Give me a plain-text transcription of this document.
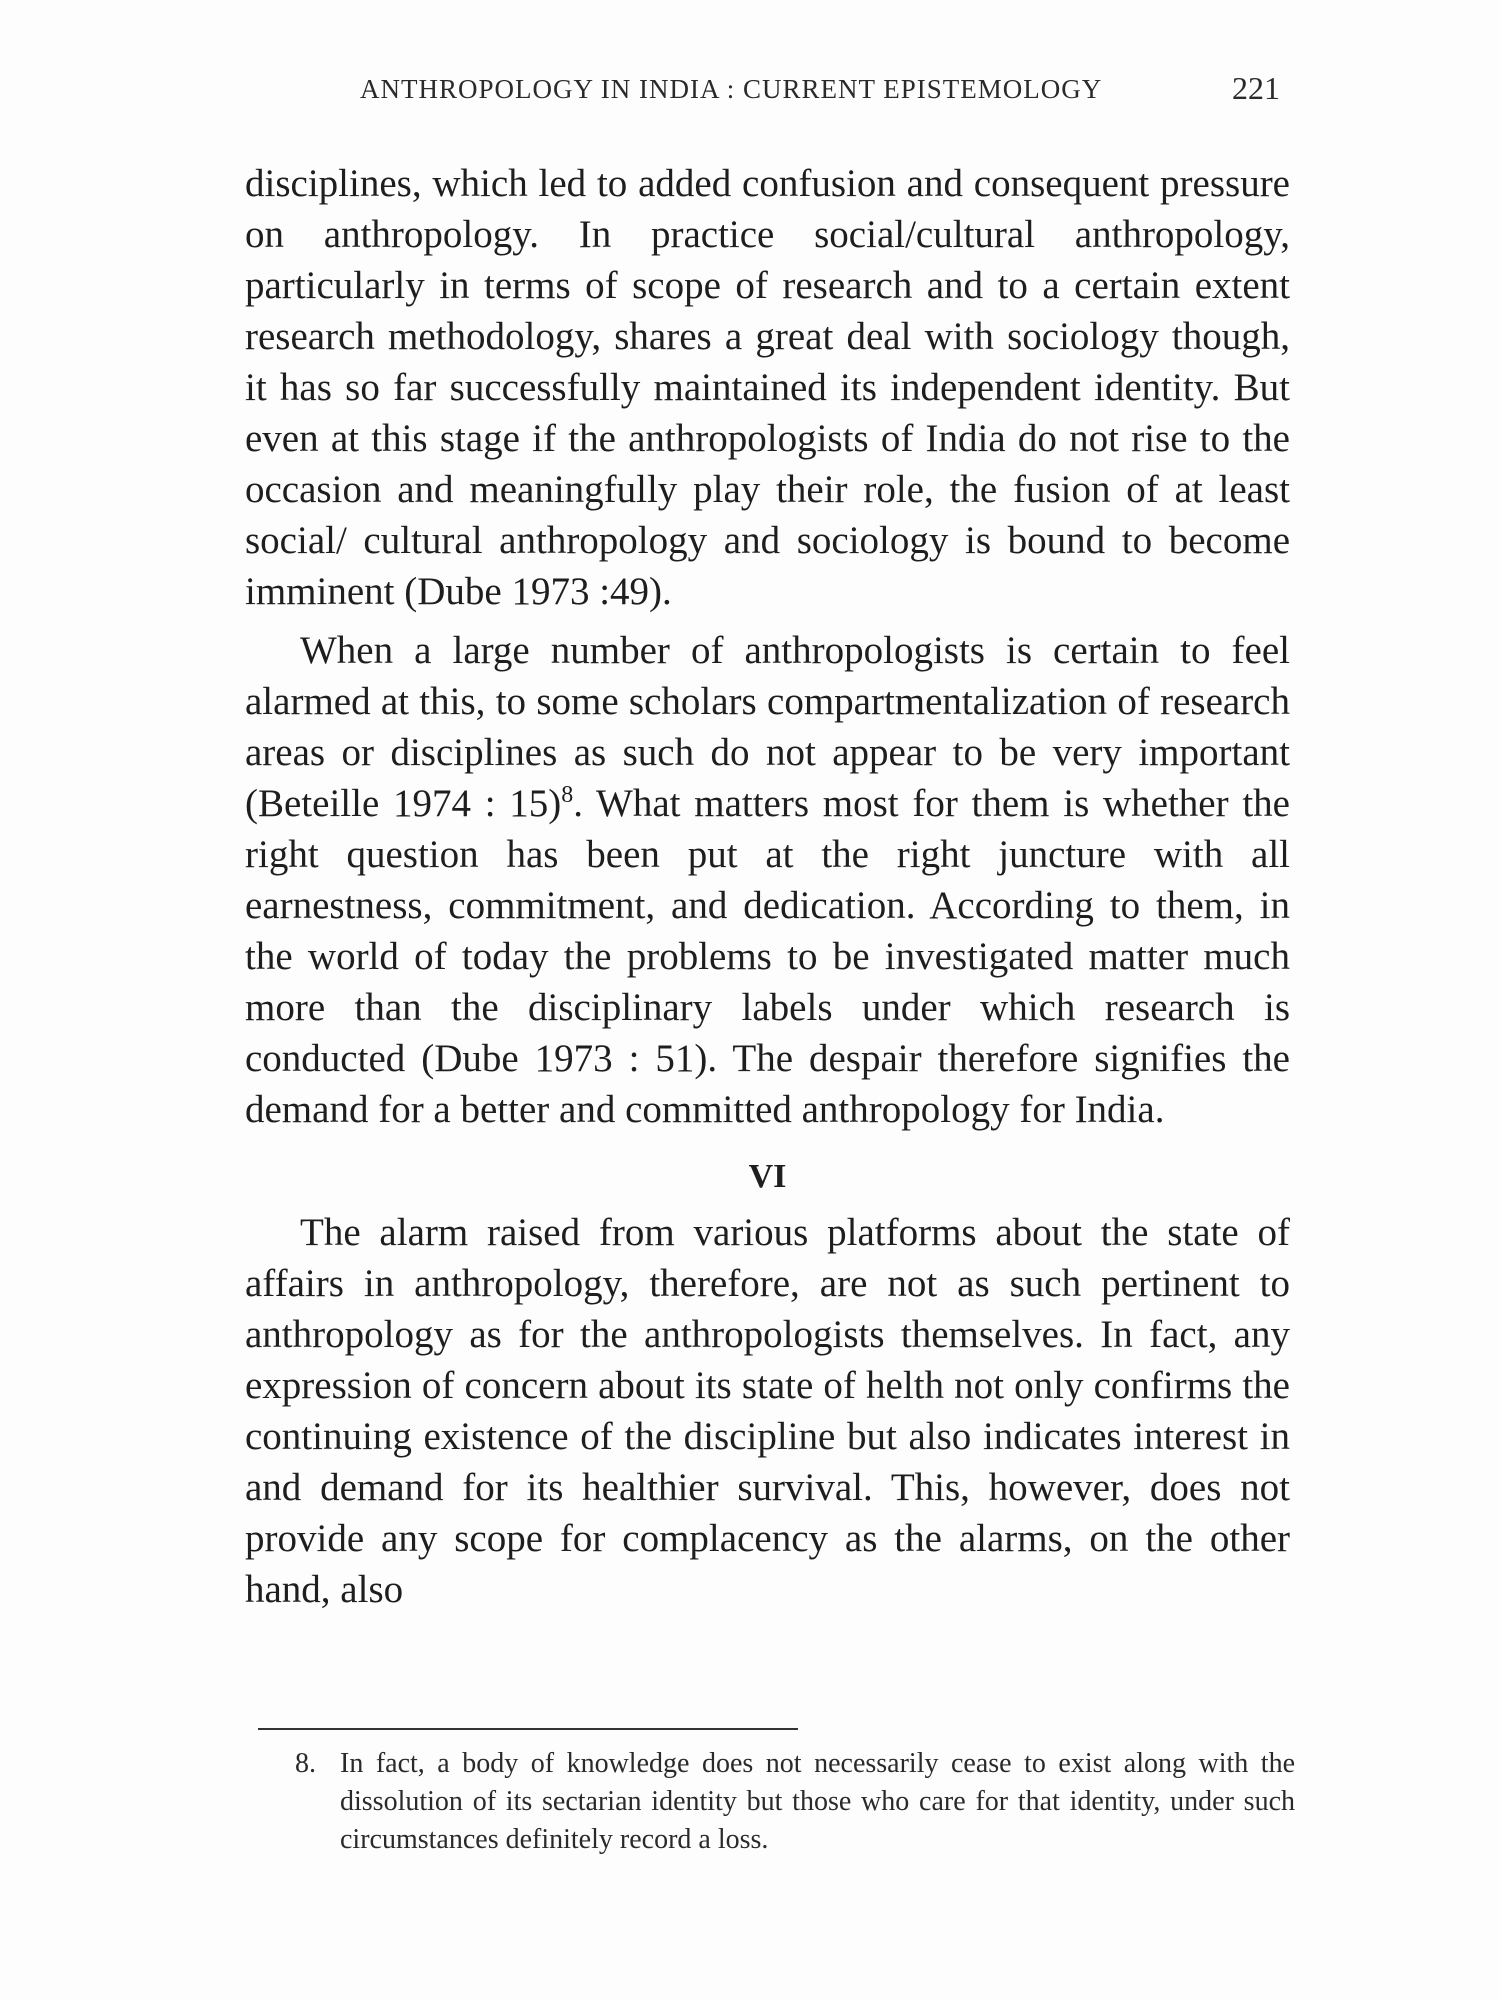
ANTHROPOLOGY IN INDIA : CURRENT EPISTEMOLOGY	221

disciplines, which led to added confusion and consequent pressure on anthropology. In practice social/cultural anthropology, particularly in terms of scope of research and to a certain extent research methodology, shares a great deal with sociology though, it has so far successfully maintained its independent identity. But even at this stage if the anthropologists of India do not rise to the occasion and meaningfully play their role, the fusion of at least social/ cultural anthropology and sociology is bound to become imminent (Dube 1973 :49).

When a large number of anthropologists is certain to feel alarmed at this, to some scholars compartmentalization of research areas or disciplines as such do not appear to be very important (Beteille 1974 : 15)$^8$. What matters most for them is whether the right question has been put at the right juncture with all earnestness, commitment, and dedication. According to them, in the world of today the problems to be investigated matter much more than the disciplinary labels under which research is conducted (Dube 1973 : 51). The despair therefore signifies the demand for a better and committed anthropology for India.

VI

The alarm raised from various platforms about the state of affairs in anthropology, therefore, are not as such pertinent to anthropology as for the anthropologists themselves. In fact, any expression of concern about its state of helth not only confirms the continuing existence of the discipline but also indicates interest in and demand for its healthier survival. This, however, does not provide any scope for complacency as the alarms, on the other hand, also

8. In fact, a body of knowledge does not necessarily cease to exist along with the dissolution of its sectarian identity but those who care for that identity, under such circumstances definitely record a loss.
